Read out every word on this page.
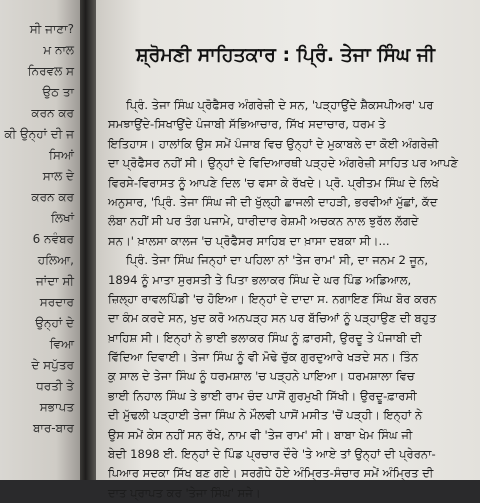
ਸੀ ਜਾਣਾ?
ਮ ਨਾਲ
ਨਿਰਵਲ ਸ
ਉਠ ਤਾ
ਕਰਨ ਕਰ
ਕੀ ਉਨ੍ਹਾਂ ਦੀ ਜ
ਸਿਆਂ
ਸਾਲ ਦੇ
ਕਰਨ ਕਰ
ਲਿਖਾਂ
6 ਨਵੰਬਰ
ਹਲਿਆ,
ਜਾਂਦਾ ਸੀ
ਸਰਦਾਰ
ਉਨ੍ਹਾਂ ਦੇ
ਵਿਆ
ਦੇ ਸਪੁੱਤਰ
ਧਰਤੀ ਤੇ
ਸਭਾਪਤ
ਬਾਰ-ਬਾਰ
ਸ਼੍ਰੋਮਣੀ ਸਾਹਿਤਕਾਰ : ਪ੍ਰਿੰ. ਤੇਜਾ ਸਿੰਘ ਜੀ
ਪ੍ਰਿੰ. ਤੇਜਾ ਸਿੰਘ ਪ੍ਰੋਫੈਸਰ ਅੰਗਰੇਜ਼ੀ ਦੇ ਸਨ, 'ਪੜ੍ਹਾਉਂਦੇ ਸ਼ੈਕਸਪੀਅਰ' ਪਰ
ਸਮਝਾਉਂਦੇ-ਸਿਖਾਉਂਦੇ ਪੰਜਾਬੀ ਸੱਭਿਆਚਾਰ, ਸਿੱਖ ਸਦਾਚਾਰ, ਧਰਮ ਤੇ
ਇਤਿਹਾਸ। ਹਾਲਾਂਕਿ ਉਸ ਸਮੇਂ ਪੰਜਾਬ ਵਿਚ ਉਨ੍ਹਾਂ ਦੇ ਮੁਕਾਬਲੇ ਦਾ ਕੋਈ ਅੰਗਰੇਜ਼ੀ
ਦਾ ਪ੍ਰੋਫੈਸਰ ਨਹੀਂ ਸੀ। ਉਨ੍ਹਾਂ ਦੇ ਵਿਦਿਆਰਥੀ ਪੜ੍ਹਦੇ ਅੰਗਰੇਜ਼ੀ ਸਾਹਿਤ ਪਰ ਆਪਣੇ
ਵਿਰਸੇ-ਵਿਰਾਸਤ ਨੂੰ ਆਪਣੇ ਦਿਲ 'ਚ ਵਸਾ ਕੇ ਰੱਖਦੇ। ਪ੍ਰੋ. ਪ੍ਰੀਤਮ ਸਿੰਘ ਦੇ ਲਿਖੇ
ਅਨੁਸਾਰ, 'ਪ੍ਰਿੰ. ਤੇਜਾ ਸਿੰਘ ਜੀ ਦੀ ਖੁੱਲ੍ਹੀ ਛਾਜਲੀ ਦਾਹੜੀ, ਭਰਵੀਆਂ ਮੁੱਛਾਂ, ਕੱਦ
ਲੰਬਾ ਨਹੀਂ ਸੀ ਪਰ ਤੰਗ ਪਜਾਮੇ, ਧਾਰੀਦਾਰ ਰੇਸ਼ਮੀ ਅਚਕਨ ਨਾਲ ਝੁਰੱਲ ਲੱਗਦੇ
ਸਨ।' ਖ਼ਾਲਸਾ ਕਾਲਜ 'ਚ ਪ੍ਰੋਫੈਸਰ ਸਾਹਿਬ ਦਾ ਖ਼ਾਸਾ ਦਬਕਾ ਸੀ।...
ਪ੍ਰਿੰ. ਤੇਜਾ ਸਿੰਘ ਜਿਨ੍ਹਾਂ ਦਾ ਪਹਿਲਾ ਨਾਂ 'ਤੇਜ ਰਾਮ' ਸੀ, ਦਾ ਜਨਮ 2 ਜੂਨ,
1894 ਨੂੰ ਮਾਤਾ ਸੁਰਸਤੀ ਤੇ ਪਿਤਾ ਭਲਾਕਰ ਸਿੰਘ ਦੇ ਘਰ ਪਿੰਡ ਅਡਿਆਲ,
ਜ਼ਿਲ੍ਹਾ ਰਾਵਲਪਿੰਡੀ 'ਚ ਹੋਇਆ। ਇਨ੍ਹਾਂ ਦੇ ਦਾਦਾ ਸ. ਨਗਾਇਣ ਸਿੰਘ ਬੋਰ ਕਰਨ
ਦਾ ਕੰਮ ਕਰਦੇ ਸਨ, ਖੁਦ ਕਰੋ ਅਨਪੜ੍ਹ ਸਨ ਪਰ ਬੱਚਿਆਂ ਨੂੰ ਪੜ੍ਹਾਉਣ ਦੀ ਬਹੁਤ
ਖ਼ਾਹਿਸ਼ ਸੀ। ਇਨ੍ਹਾਂ ਨੇ ਭਾਈ ਭਲਾਕਰ ਸਿੰਘ ਨੂੰ ਫ਼ਾਰਸੀ, ਉਰਦੂ ਤੇ ਪੰਜਾਬੀ ਦੀ
ਵਿੱਦਿਆ ਦਿਵਾਈ। ਤੇਜਾ ਸਿੰਘ ਨੂੰ ਵੀ ਮੋਢੇ ਚੁੱਕ ਗੁਰਦੁਆਰੇ ਖੜਦੇ ਸਨ। ਤਿੰਨ
ਕੁ ਸਾਲ ਦੇ ਤੇਜਾ ਸਿੰਘ ਨੂੰ ਧਰਮਸ਼ਾਲ 'ਚ ਪੜ੍ਹਨੇ ਪਾਇਆ। ਧਰਮਸ਼ਾਲਾ ਵਿਚ
ਭਾਈ ਨਿਹਾਲ ਸਿੰਘ ਤੇ ਭਾਈ ਰਾਮ ਚੰਦ ਪਾਸੋਂ ਗੁਰਮੁਖੀ ਸਿੱਖੀ। ਉਰਦੂ-ਫ਼ਾਰਸੀ
ਦੀ ਮੁੱਢਲੀ ਪੜ੍ਹਾਈ ਤੇਜਾ ਸਿੰਘ ਨੇ ਮੌਲਵੀ ਪਾਸੋਂ ਮਸੀਤ 'ਚੋਂ ਪੜ੍ਹੀ। ਇਨ੍ਹਾਂ ਨੇ
ਉਸ ਸਮੇਂ ਕੇਸ ਨਹੀਂ ਸਨ ਰੱਖੇ, ਨਾਮ ਵੀ 'ਤੇਜ ਰਾਮ' ਸੀ। ਬਾਬਾ ਖੇਮ ਸਿੰਘ ਜੀ
ਬੇਦੀ 1898 ਈ. ਇਨ੍ਹਾਂ ਦੇ ਪਿੰਡ ਪ੍ਰਚਾਰ ਦੌਰੇ 'ਤੇ ਆਏ ਤਾਂ ਉਨ੍ਹਾਂ ਦੀ ਪ੍ਰੇਰਨਾ-
ਪਿਆਰ ਸਦਕਾ ਸਿੱਖ ਬਣ ਗਏ। ਸਰਗੋਧੇ ਹੋਏ ਅੰਮ੍ਰਿਤ-ਸੰਚਾਰ ਸਮੇਂ ਅੰਮ੍ਰਿਤ ਦੀ
ਦਾਤ ਪ੍ਰਾਪਤ ਕਰ 'ਤੇਜਾ ਸਿੰਘ' ਸਜੇ।
